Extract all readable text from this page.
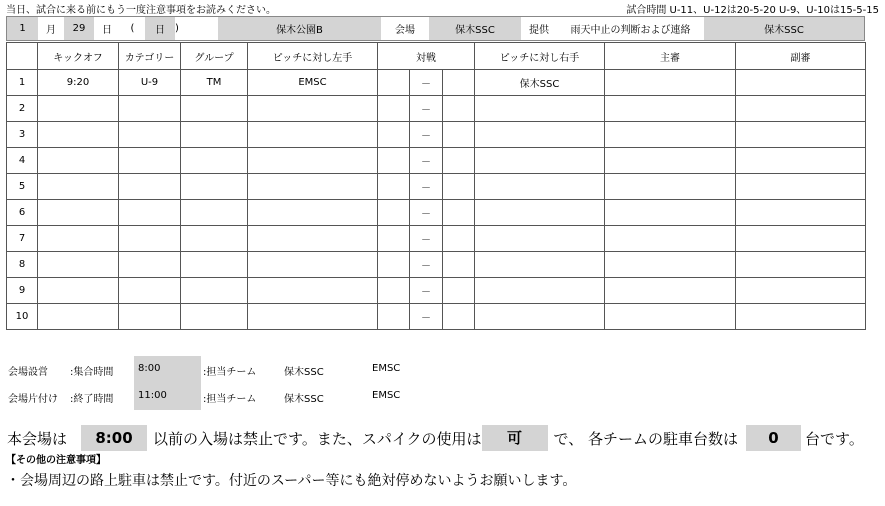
当日、試合に来る前にもう一度注意事項をお読みください。	試合時間 U-11、U-12は20-5-20 U-9、U-10は15-5-15
1	月	29	日	(	日	)	保木公園B	会場	保木SSC	提供	雨天中止の判断および連絡	保木SSC
	キックオフ	カテゴリー	グループ	ピッチに対し左手	対戦			ピッチに対し右手	主審	副審
1	9:20	U-9	TM	EMSC		－		保木SSC		
2						－				
3						－				
4						－				
5						－				
6						－				
7						－				
8						－				
9						－				
10						－				
会場設営 :集合時間 8:00	:担当チーム	保木SSC	EMSC
会場片付け :終了時間 11:00	:担当チーム	保木SSC	EMSC
本会場は	8:00	以前の入場は禁止です。また、スパイクの使用は	可	で、 各チームの駐車台数は	0	台です。
【その他の注意事項】
・会場周辺の路上駐車は禁止です。付近のスーパー等にも絶対停めないようお願いします。
